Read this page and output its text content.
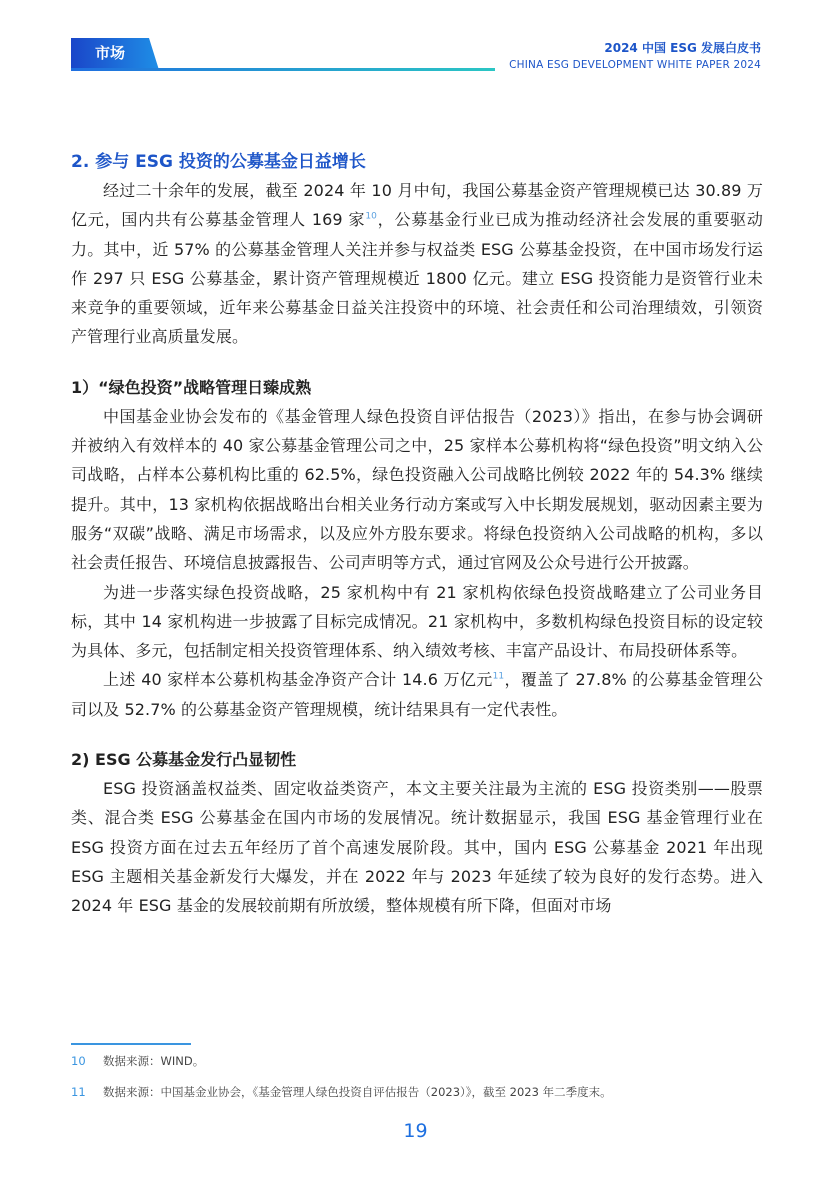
市场	2024 中国 ESG 发展白皮书
CHINA ESG DEVELOPMENT WHITE PAPER 2024

2. 参与 ESG 投资的公募基金日益增长

经过二十余年的发展，截至 2024 年 10 月中旬，我国公募基金资产管理规模已达 30.89 万亿元，国内共有公募基金管理人 169 家$^{10}$，公募基金行业已成为推动经济社会发展的重要驱动力。其中，近 57% 的公募基金管理人关注并参与权益类 ESG 公募基金投资，在中国市场发行运作 297 只 ESG 公募基金，累计资产管理规模近 1800 亿元。建立 ESG 投资能力是资管行业未来竞争的重要领域，近年来公募基金日益关注投资中的环境、社会责任和公司治理绩效，引领资产管理行业高质量发展。

1）“绿色投资”战略管理日臻成熟

中国基金业协会发布的《基金管理人绿色投资自评估报告（2023）》指出，在参与协会调研并被纳入有效样本的 40 家公募基金管理公司之中，25 家样本公募机构将“绿色投资”明文纳入公司战略，占样本公募机构比重的 62.5%，绿色投资融入公司战略比例较 2022 年的 54.3% 继续提升。其中，13 家机构依据战略出台相关业务行动方案或写入中长期发展规划，驱动因素主要为服务“双碳”战略、满足市场需求，以及应外方股东要求。将绿色投资纳入公司战略的机构，多以社会责任报告、环境信息披露报告、公司声明等方式，通过官网及公众号进行公开披露。

为进一步落实绿色投资战略，25 家机构中有 21 家机构依绿色投资战略建立了公司业务目标，其中 14 家机构进一步披露了目标完成情况。21 家机构中，多数机构绿色投资目标的设定较为具体、多元，包括制定相关投资管理体系、纳入绩效考核、丰富产品设计、布局投研体系等。

上述 40 家样本公募机构基金净资产合计 14.6 万亿元$^{11}$，覆盖了 27.8% 的公募基金管理公司以及 52.7% 的公募基金资产管理规模，统计结果具有一定代表性。

2) ESG 公募基金发行凸显韧性

ESG 投资涵盖权益类、固定收益类资产，本文主要关注最为主流的 ESG 投资类别——股票类、混合类 ESG 公募基金在国内市场的发展情况。统计数据显示，我国 ESG 基金管理行业在 ESG 投资方面在过去五年经历了首个高速发展阶段。其中，国内 ESG 公募基金 2021 年出现 ESG 主题相关基金新发行大爆发，并在 2022 年与 2023 年延续了较为良好的发行态势。进入 2024 年 ESG 基金的发展较前期有所放缓，整体规模有所下降，但面对市场

10 数据来源：WIND。
11 数据来源：中国基金业协会，《基金管理人绿色投资自评估报告（2023）》，截至 2023 年二季度末。
19
